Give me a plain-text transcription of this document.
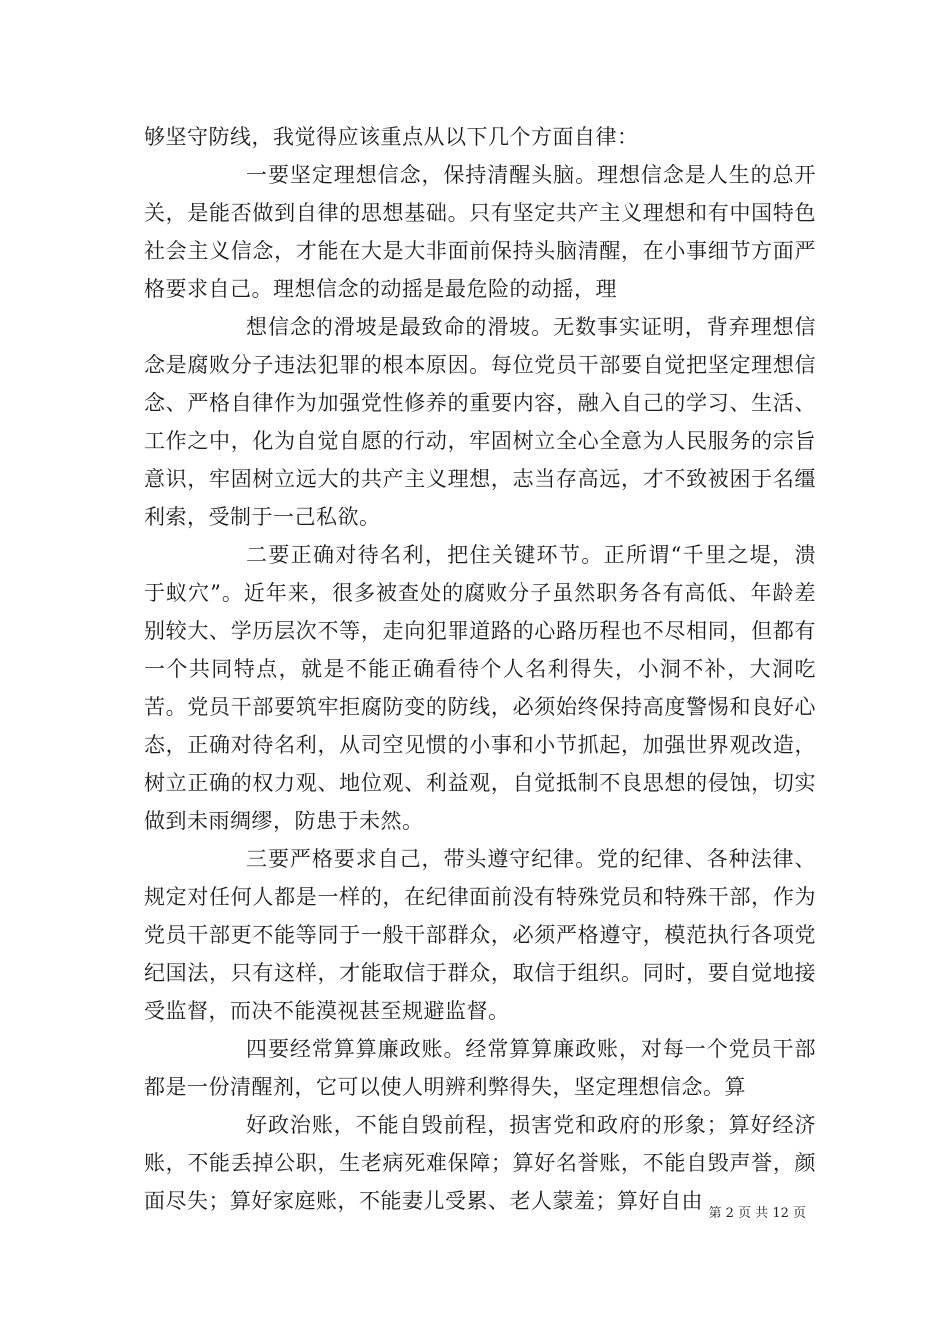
够坚守防线，我觉得应该重点从以下几个方面自律：

一要坚定理想信念，保持清醒头脑。理想信念是人生的总开关，是能否做到自律的思想基础。只有坚定共产主义理想和有中国特色社会主义信念，才能在大是大非面前保持头脑清醒，在小事细节方面严格要求自己。理想信念的动摇是最危险的动摇，理

想信念的滑坡是最致命的滑坡。无数事实证明，背弃理想信念是腐败分子违法犯罪的根本原因。每位党员干部要自觉把坚定理想信念、严格自律作为加强党性修养的重要内容，融入自己的学习、生活、工作之中，化为自觉自愿的行动，牢固树立全心全意为人民服务的宗旨意识，牢固树立远大的共产主义理想，志当存高远，才不致被困于名缰利索，受制于一己私欲。

二要正确对待名利，把住关键环节。正所谓“千里之堤，溃于蚁穴”。近年来，很多被查处的腐败分子虽然职务各有高低、年龄差别较大、学历层次不等，走向犯罪道路的心路历程也不尽相同，但都有一个共同特点，就是不能正确看待个人名利得失，小洞不补，大洞吃苦。党员干部要筑牢拒腐防变的防线，必须始终保持高度警惕和良好心态，正确对待名利，从司空见惯的小事和小节抓起，加强世界观改造，树立正确的权力观、地位观、利益观，自觉抵制不良思想的侵蚀，切实做到未雨绸缪，防患于未然。

三要严格要求自己，带头遵守纪律。党的纪律、各种法律、规定对任何人都是一样的，在纪律面前没有特殊党员和特殊干部，作为党员干部更不能等同于一般干部群众，必须严格遵守，模范执行各项党纪国法，只有这样，才能取信于群众，取信于组织。同时，要自觉地接受监督，而决不能漠视甚至规避监督。

四要经常算算廉政账。经常算算廉政账，对每一个党员干部都是一份清醒剂，它可以使人明辨利弊得失，坚定理想信念。算

好政治账，不能自毁前程，损害党和政府的形象；算好经济账，不能丢掉公职，生老病死难保障；算好名誉账，不能自毁声誉，颜面尽失；算好家庭账，不能妻儿受累、老人蒙羞；算好自由

第 2 页 共 12 页
